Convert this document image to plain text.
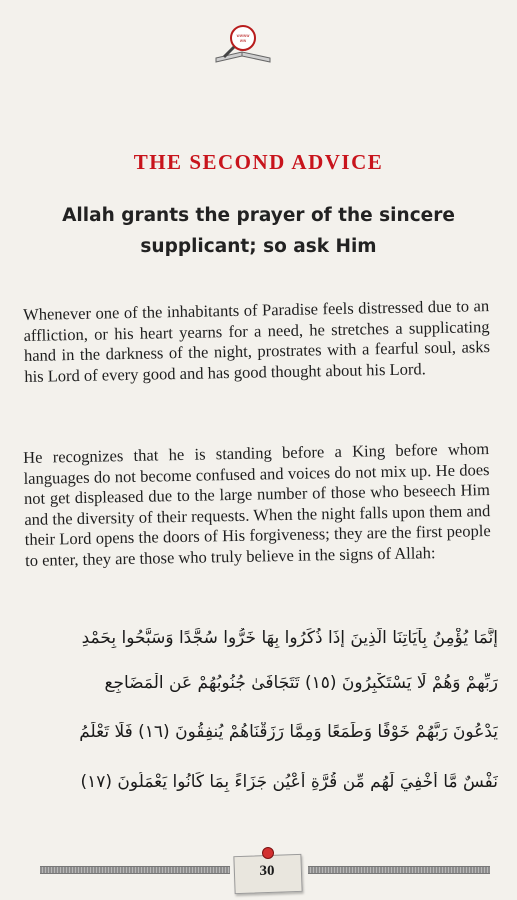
wwww
ww
THE SECOND ADVICE
Allah grants the prayer of the sincere
supplicant; so ask Him
Whenever one of the inhabitants of Paradise feels distressed due to an affliction, or his heart yearns for a need, he stretches a supplicating hand in the darkness of the night, prostrates with a fearful soul, asks his Lord of every good and has good thought about his Lord.
He recognizes that he is standing before a King before whom languages do not become confused and voices do not mix up. He does not get displeased due to the large number of those who beseech Him and the diversity of their requests. When the night falls upon them and their Lord opens the doors of His forgiveness; they are the first people to enter, they are those who truly believe in the signs of Allah:
إِنَّمَا يُؤْمِنُ بِآيَاتِنَا الَّذِينَ إِذَا ذُكِّرُوا بِهَا خَرُّوا سُجَّدًا وَسَبَّحُوا بِحَمْدِ
رَبِّهِمْ وَهُمْ لَا يَسْتَكْبِرُونَ (١٥) تَتَجَافَىٰ جُنُوبُهُمْ عَنِ الْمَضَاجِعِ
يَدْعُونَ رَبَّهُمْ خَوْفًا وَطَمَعًا وَمِمَّا رَزَقْنَاهُمْ يُنفِقُونَ (١٦) فَلَا تَعْلَمُ
نَفْسٌ مَّا أُخْفِيَ لَهُم مِّن قُرَّةِ أَعْيُنٍ جَزَاءً بِمَا كَانُوا يَعْمَلُونَ (١٧)
30
